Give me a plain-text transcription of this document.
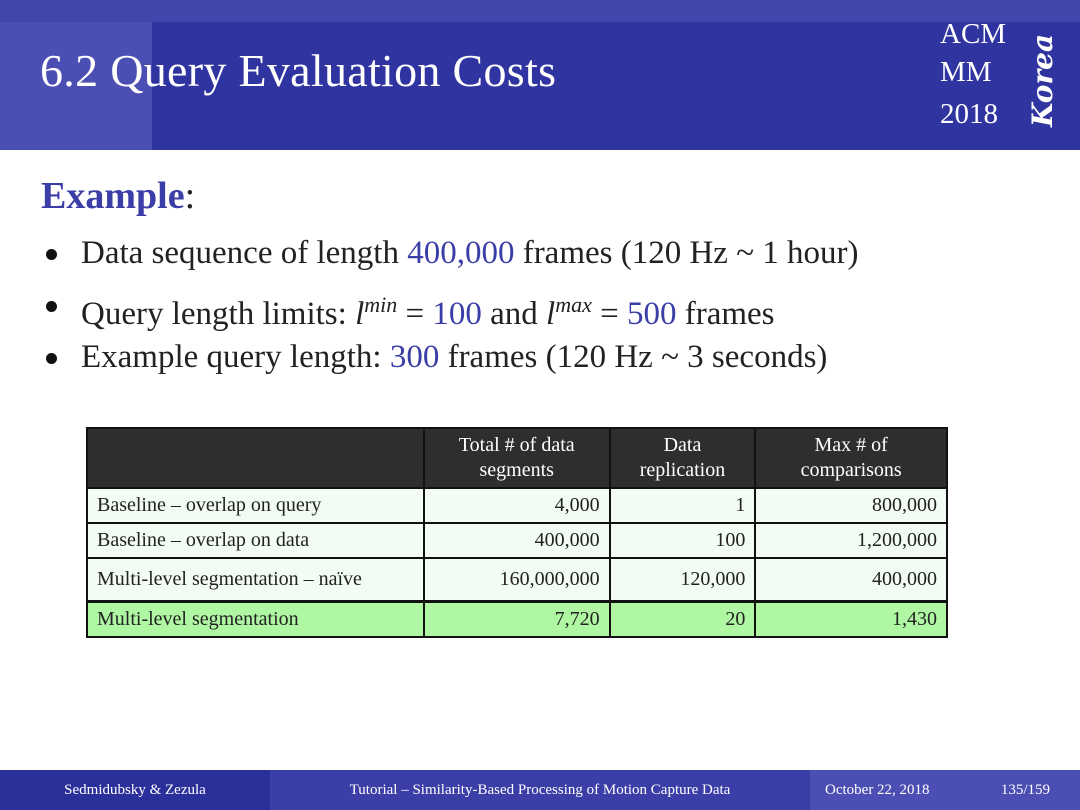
6.2 Query Evaluation Costs
ACM
MM
2018 Korea
Example:
Data sequence of length 400,000 frames (120 Hz ~ 1 hour)
Query length limits: $l^{min} = 100$ and $l^{max} = 500$ frames
Example query length: 300 frames (120 Hz ~ 3 seconds)
	Total # of data segments	Data replication	Max # of comparisons
Baseline – overlap on query	4,000	1	800,000
Baseline – overlap on data	400,000	100	1,200,000
Multi-level segmentation – naïve	160,000,000	120,000	400,000
Multi-level segmentation	7,720	20	1,430
Sedmidubsky & Zezula	Tutorial – Similarity-Based Processing of Motion Capture Data	October 22, 2018	135/159
